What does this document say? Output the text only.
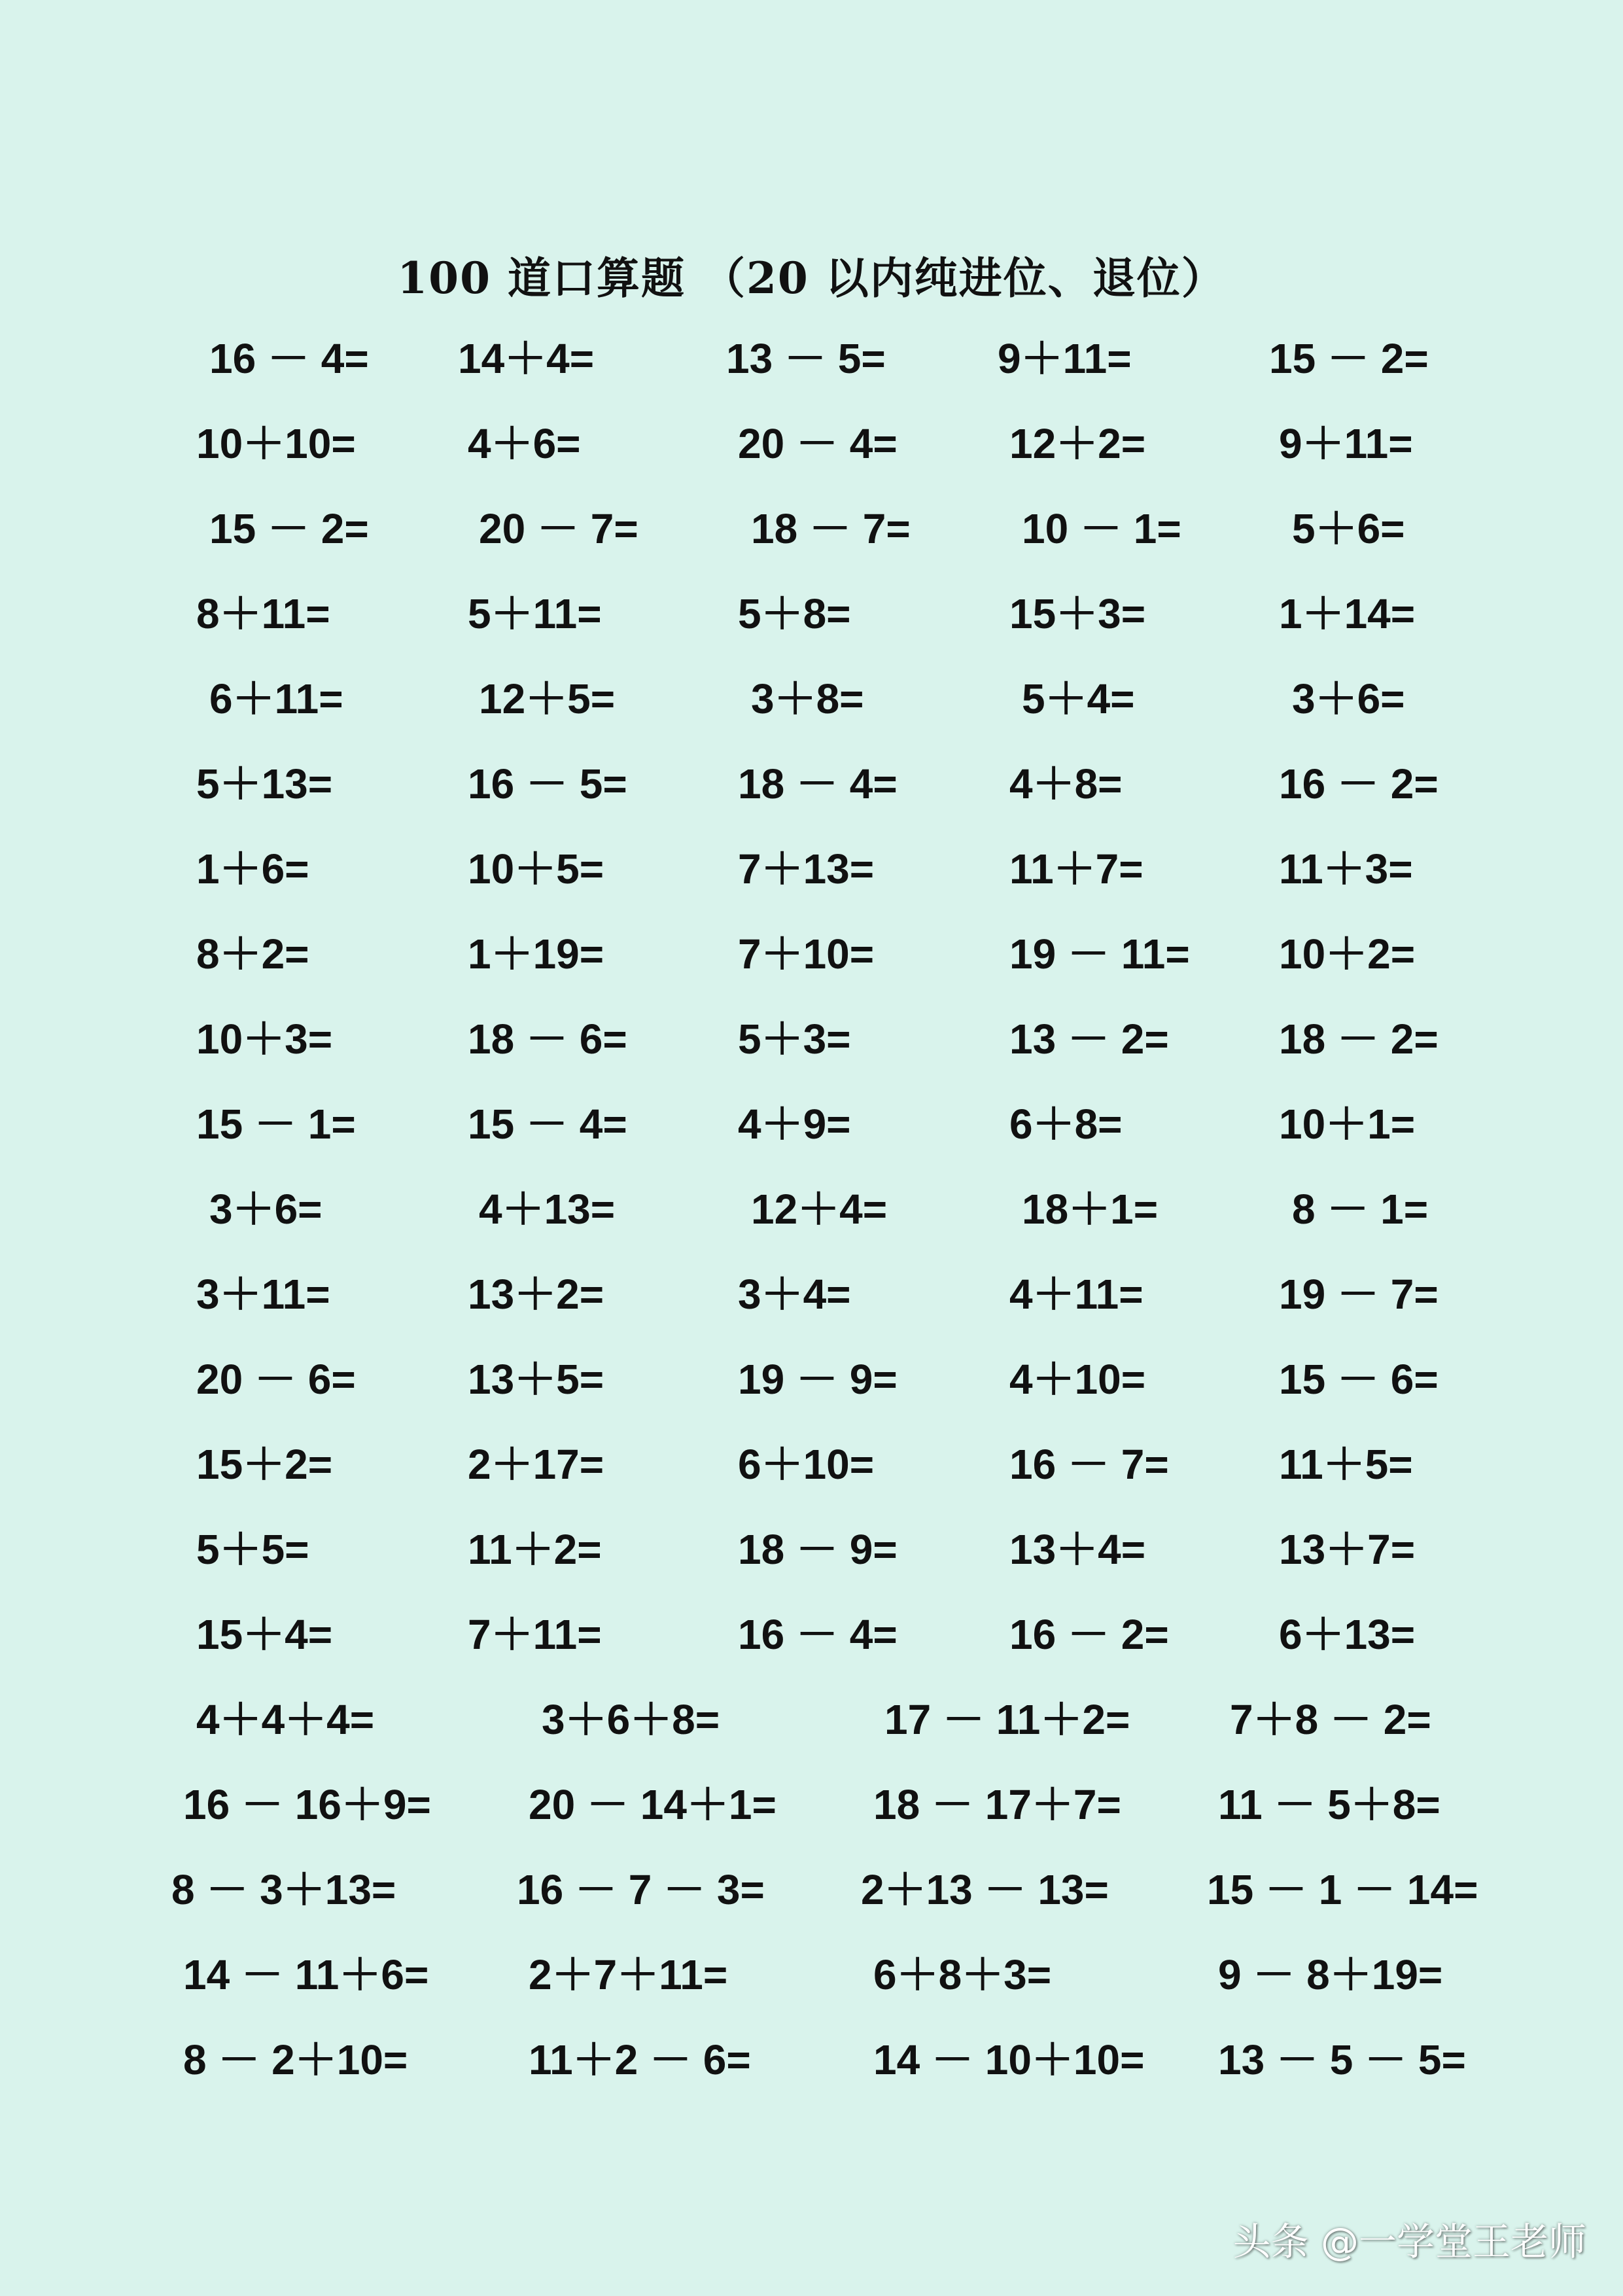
100 道口算题 （20 以内纯进位、退位）
16 － 4= 14＋4=	13 － 5=	9＋11=	15 － 2=
10＋10=	4＋6=	20 － 4=	12＋2=	9＋11=
15 － 2=	20 － 7=	18 － 7=	10 － 1=	5＋6=
8＋11=	5＋11=	5＋8=	15＋3=	1＋14=
6＋11=	12＋5=	3＋8=	5＋4=	3＋6=
5＋13=	16 － 5=	18 － 4=	4＋8=	16 － 2=
1＋6=	10＋5=	7＋13=	11＋7=	11＋3=
8＋2=	1＋19=	7＋10=	19 － 11= 10＋2=
10＋3=	18 － 6=	5＋3=	13 － 2=	18 － 2=
15 － 1=	15 － 4=	4＋9=	6＋8=	10＋1=
3＋6=	4＋13=	12＋4=	18＋1=	8 － 1=
3＋11=	13＋2=	3＋4=	4＋11=	19 － 7=
20 － 6=	13＋5=	19 － 9=	4＋10=	15 － 6=
15＋2=	2＋17=	6＋10=	16 － 7=	11＋5=
5＋5=	11＋2=	18 － 9=	13＋4=	13＋7=
15＋4=	7＋11=	16 － 4=	16 － 2=	6＋13=
4＋4＋4=	3＋6＋8=	17 － 11＋2= 7＋8 － 2=
16 － 16＋9= 20 － 14＋1= 18 － 17＋7= 11 － 5＋8=
8 － 3＋13=	16 － 7 － 3= 2＋13 － 13= 15 － 1 － 14=
14 － 11＋6= 2＋7＋11=	6＋8＋3=	9 － 8＋19=
8 － 2＋10=	11＋2 － 6=	14 － 10＋10= 13 － 5 － 5=
头条 @一学堂王老师
